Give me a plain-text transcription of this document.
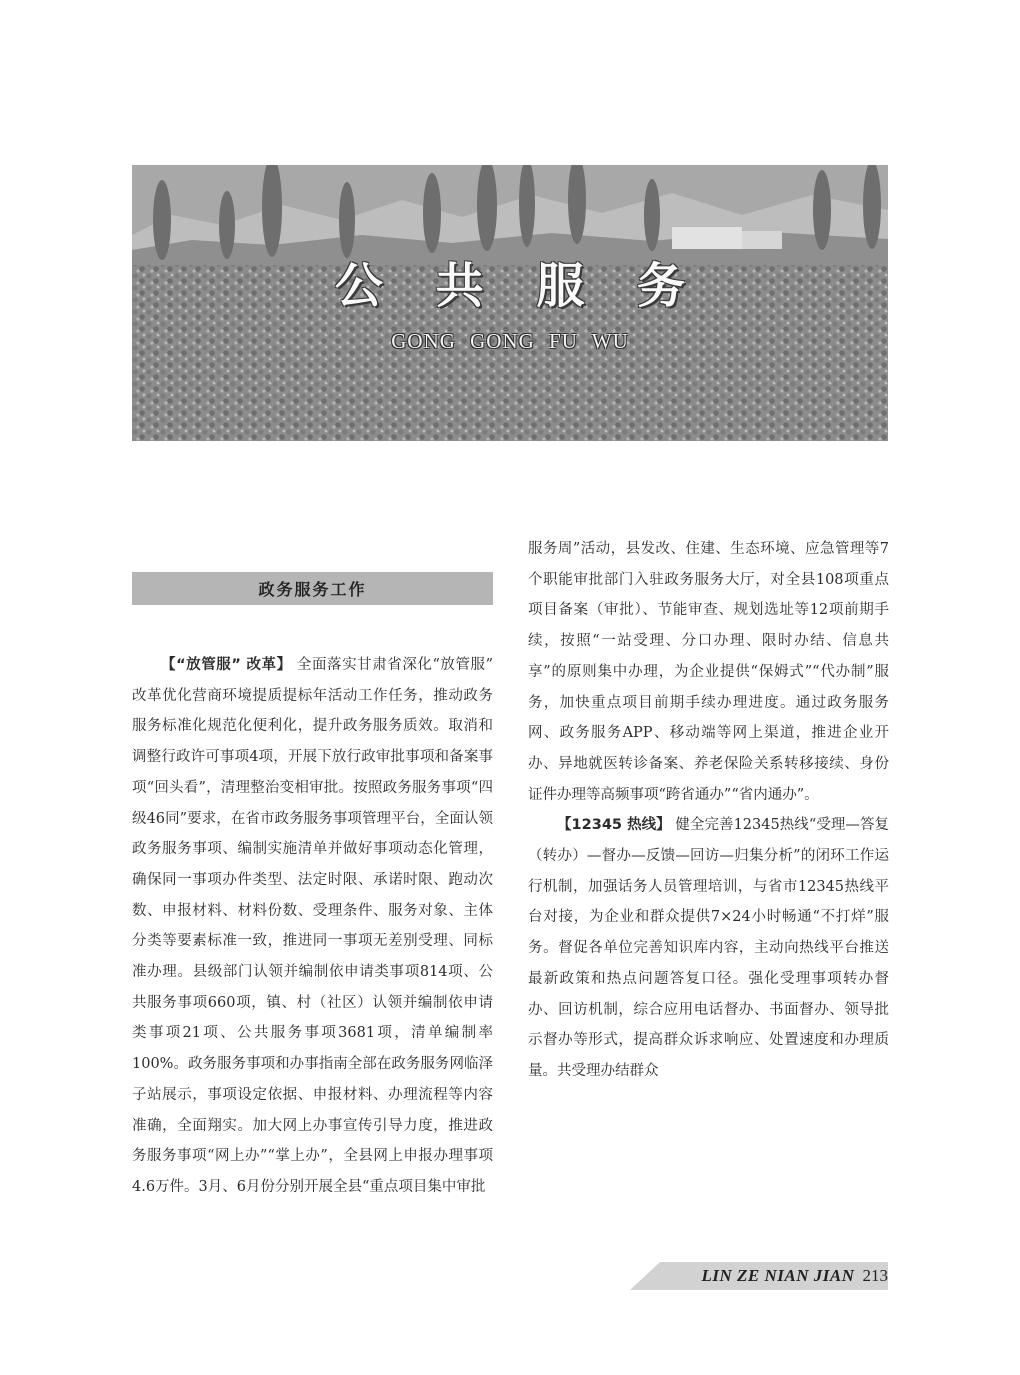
公 共 服 务
GONG GONG FU WU
政务服务工作

【“放管服” 改革】 全面落实甘肃省深化“放管服” 改革优化营商环境提质提标年活动工作任务，推动政务服务标准化规范化便利化，提升政务服务质效。取消和调整行政许可事项4项，开展下放行政审批事项和备案事项“回头看”，清理整治变相审批。按照政务服务事项“四级46同”要求，在省市政务服务事项管理平台，全面认领政务服务事项、编制实施清单并做好事项动态化管理，确保同一事项办件类型、法定时限、承诺时限、跑动次数、申报材料、材料份数、受理条件、服务对象、主体分类等要素标准一致，推进同一事项无差别受理、同标准办理。县级部门认领并编制依申请类事项814项、公共服务事项660项，镇、村（社区）认领并编制依申请类事项21项、公共服务事项3681项，清单编制率100%。政务服务事项和办事指南全部在政务服务网临泽子站展示，事项设定依据、申报材料、办理流程等内容准确，全面翔实。加大网上办事宣传引导力度，推进政务服务事项“网上办”“掌上办”，全县网上申报办理事项4.6万件。3月、6月份分别开展全县“重点项目集中审批

服务周”活动，县发改、住建、生态环境、应急管理等7个职能审批部门入驻政务服务大厅，对全县108项重点项目备案（审批）、节能审查、规划选址等12项前期手续，按照“一站受理、分口办理、限时办结、信息共享”的原则集中办理，为企业提供“保姆式”“代办制”服务，加快重点项目前期手续办理进度。通过政务服务网、政务服务APP、移动端等网上渠道，推进企业开办、异地就医转诊备案、养老保险关系转移接续、身份证件办理等高频事项“跨省通办”“省内通办”。

【12345 热线】 健全完善12345热线“受理—答复（转办）—督办—反馈—回访—归集分析”的闭环工作运行机制，加强话务人员管理培训，与省市12345热线平台对接，为企业和群众提供7×24小时畅通“不打烊”服务。督促各单位完善知识库内容，主动向热线平台推送最新政策和热点问题答复口径。强化受理事项转办督办、回访机制，综合应用电话督办、书面督办、领导批示督办等形式，提高群众诉求响应、处置速度和办理质量。共受理办结群众

LIN ZE NIAN JIAN 213
